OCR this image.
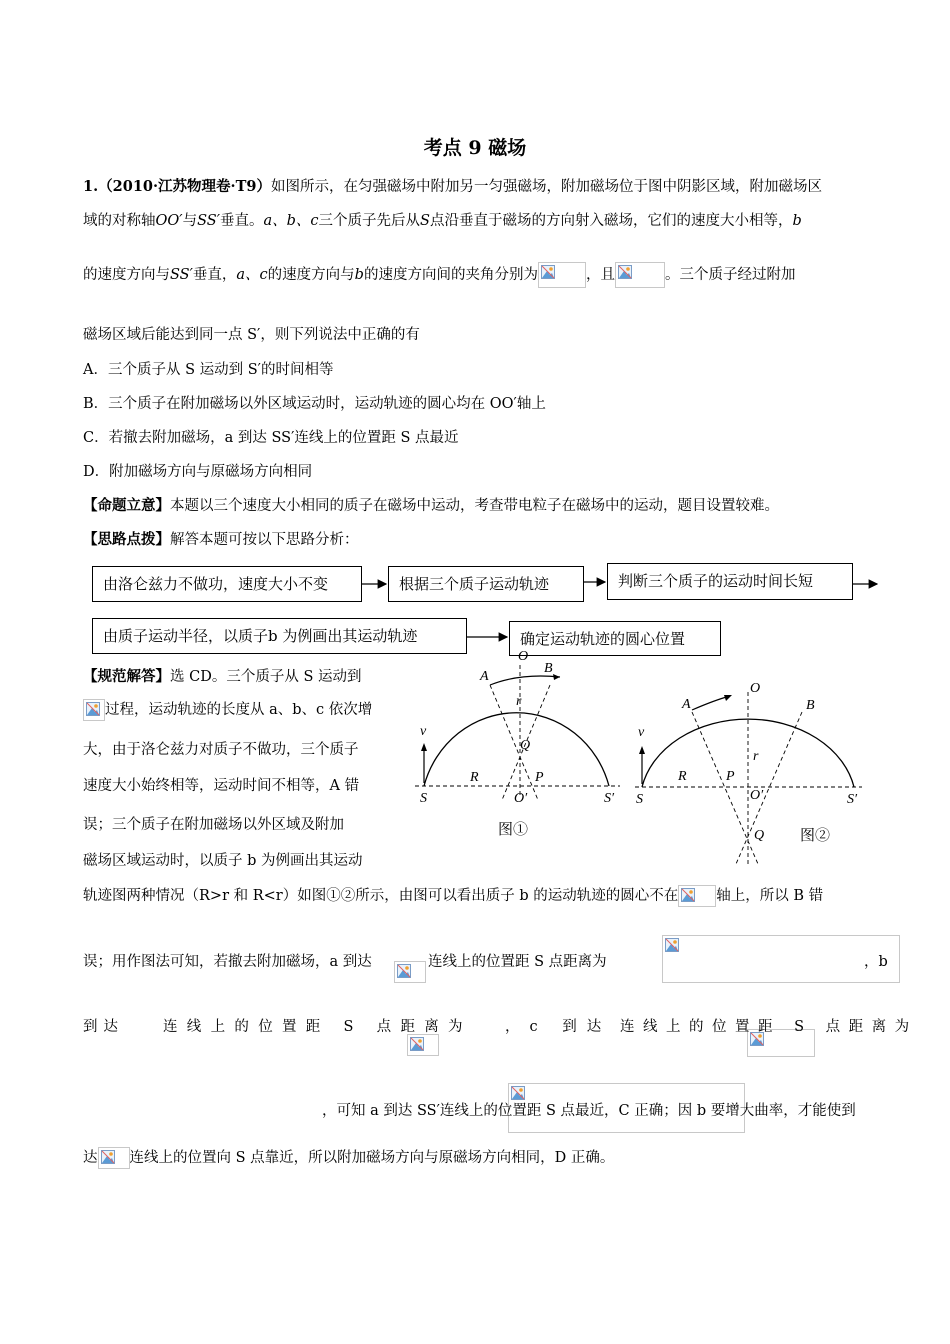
考点 9 磁场
1.（2010·江苏物理卷·T9）如图所示，在匀强磁场中附加另一匀强磁场，附加磁场位于图中阴影区域，附加磁场区
域的对称轴OO′与SS′垂直。a、b、c三个质子先后从S点沿垂直于磁场的方向射入磁场，它们的速度大小相等，b
的速度方向与SS′垂直，a、c的速度方向与b的速度方向间的夹角分别为	，且	。三个质子经过附加
磁场区域后能达到同一点 S′，则下列说法中正确的有
A．三个质子从 S 运动到 S′的时间相等
B．三个质子在附加磁场以外区域运动时，运动轨迹的圆心均在 OO′轴上
C．若撤去附加磁场，a 到达 SS′连线上的位置距 S 点最近
D．附加磁场方向与原磁场方向相同
【命题立意】本题以三个速度大小相同的质子在磁场中运动，考查带电粒子在磁场中的运动，题目设置较难。
【思路点拨】解答本题可按以下思路分析：
由洛仑兹力不做功，速度大小不变	根据三个质子运动轨迹	判断三个质子的运动时间长短
由质子运动半径，以质子b 为例画出其运动轨迹	确定运动轨迹的圆心位置
【规范解答】选 CD。三个质子从 S 运动到
过程，运动轨迹的长度从 a、b、c 依次增
大，由于洛仑兹力对质子不做功，三个质子
速度大小始终相等，运动时间不相等，A 错
误；三个质子在附加磁场以外区域及附加
磁场区域运动时，以质子 b 为例画出其运动
O
B
A
r
v
Q
R	P
S	O′	S′
图①
O
A	B
v
r
R	P
S	O′	S′
Q 图②
轨迹图两种情况（R>r 和 R<r）如图①②所示，由图可以看出质子 b 的运动轨迹的圆心不在	轴上，所以 B 错
误；用作图法可知，若撤去附加磁场，a 到达
	连线上的位置距 S 点距离为
	，b
到达
	连线上的位置距 S 点距离为
，c 到达
连线上的位置距 S 点距离为
，可知 a 到达 SS′连线上的位置距 S 点最近，C 正确；因 b 要增大曲率，才能使到
达 连线上的位置向 S 点靠近，所以附加磁场方向与原磁场方向相同，D 正确。
